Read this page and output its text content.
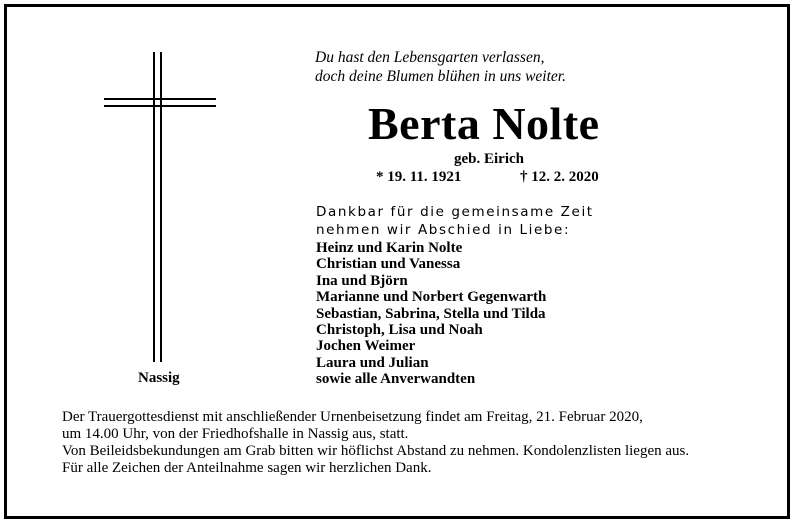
Nassig
Du hast den Lebensgarten verlassen,
doch deine Blumen blühen in uns weiter.
Berta Nolte
geb. Eirich
* 19. 11. 1921	† 12. 2. 2020
Dankbar für die gemeinsame Zeit
nehmen wir Abschied in Liebe:
Heinz und Karin Nolte
Christian und Vanessa
Ina und Björn
Marianne und Norbert Gegenwarth
Sebastian, Sabrina, Stella und Tilda
Christoph, Lisa und Noah
Jochen Weimer
Laura und Julian
sowie alle Anverwandten
Der Trauergottesdienst mit anschließender Urnenbeisetzung findet am Freitag, 21. Februar 2020,
um 14.00 Uhr, von der Friedhofshalle in Nassig aus, statt.
Von Beileidsbekundungen am Grab bitten wir höflichst Abstand zu nehmen. Kondolenzlisten liegen aus.
Für alle Zeichen der Anteilnahme sagen wir herzlichen Dank.
